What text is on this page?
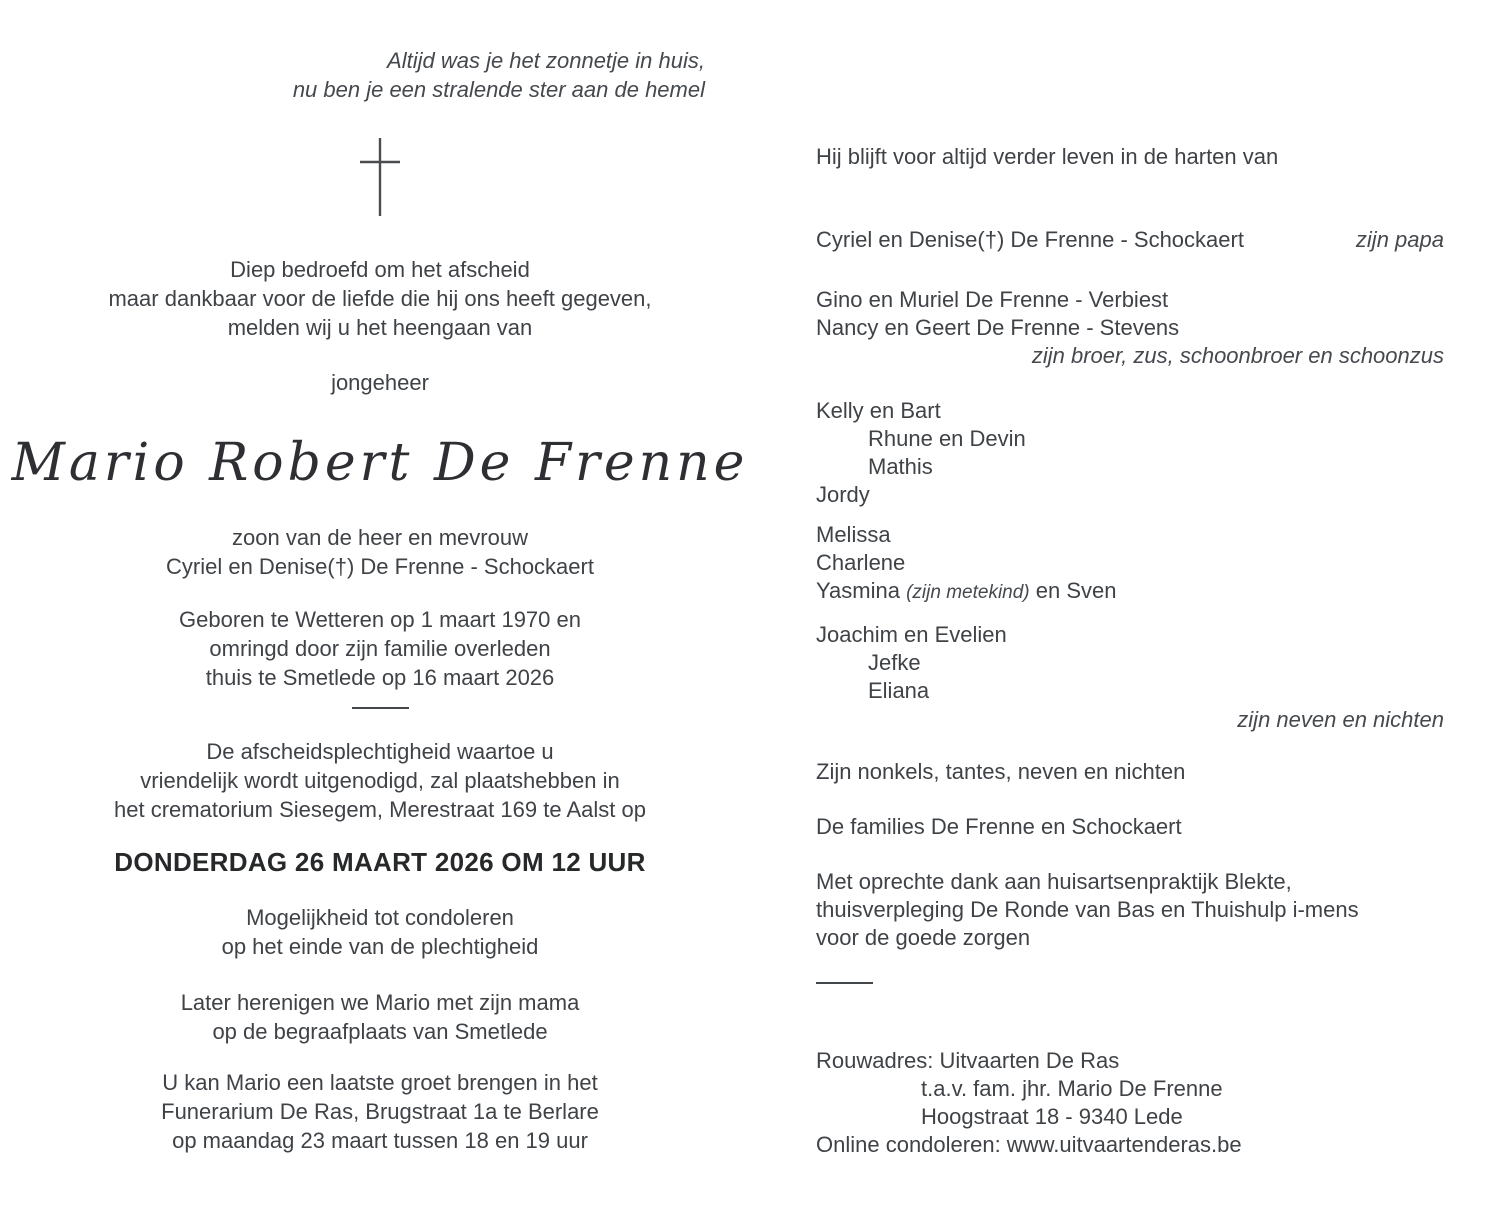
Altijd was je het zonnetje in huis,
nu ben je een stralende ster aan de hemel
Diep bedroefd om het afscheid
maar dankbaar voor de liefde die hij ons heeft gegeven,
melden wij u het heengaan van
jongeheer
Mario Robert De Frenne
zoon van de heer en mevrouw
Cyriel en Denise(†) De Frenne - Schockaert
Geboren te Wetteren op 1 maart 1970 en
omringd door zijn familie overleden
thuis te Smetlede op 16 maart 2026
De afscheidsplechtigheid waartoe u
vriendelijk wordt uitgenodigd, zal plaatshebben in
het crematorium Siesegem, Merestraat 169 te Aalst op
DONDERDAG 26 MAART 2026 OM 12 UUR
Mogelijkheid tot condoleren
op het einde van de plechtigheid
Later herenigen we Mario met zijn mama
op de begraafplaats van Smetlede
U kan Mario een laatste groet brengen in het
Funerarium De Ras, Brugstraat 1a te Berlare
op maandag 23 maart tussen 18 en 19 uur
Hij blijft voor altijd verder leven in de harten van
Cyriel en Denise(†) De Frenne - Schockaert	zijn papa
Gino en Muriel De Frenne - Verbiest
Nancy en Geert De Frenne - Stevens
zijn broer, zus, schoonbroer en schoonzus
Kelly en Bart
Rhune en Devin
Mathis
Jordy
Melissa
Charlene
Yasmina (zijn metekind) en Sven
Joachim en Evelien
Jefke
Eliana
zijn neven en nichten
Zijn nonkels, tantes, neven en nichten
De families De Frenne en Schockaert
Met oprechte dank aan huisartsenpraktijk Blekte,
thuisverpleging De Ronde van Bas en Thuishulp i-mens
voor de goede zorgen
Rouwadres: Uitvaarten De Ras
t.a.v. fam. jhr. Mario De Frenne
Hoogstraat 18 - 9340 Lede
Online condoleren: www.uitvaartenderas.be
